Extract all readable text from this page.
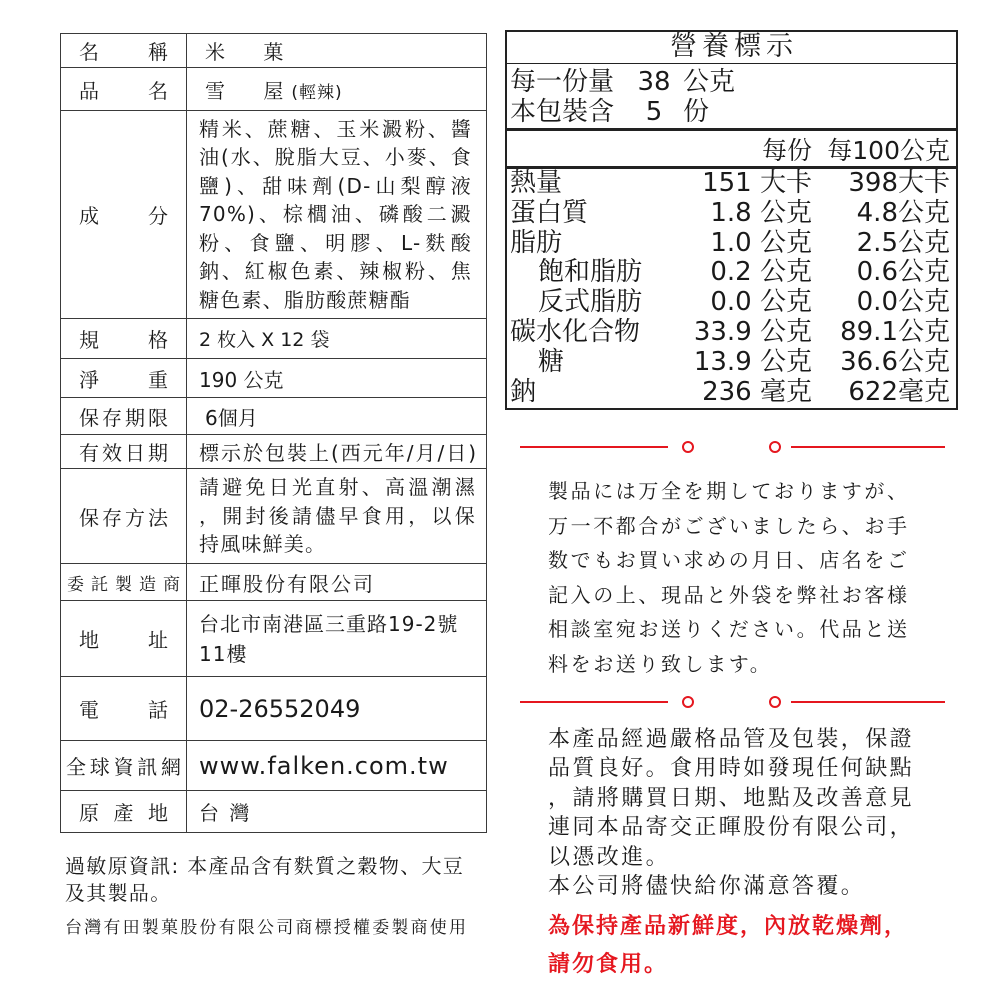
名 稱	米 菓
品 名	雪 屋(輕辣)
成 分
精米、蔗糖、玉米澱粉、醬
油(水、脫脂大豆、小麥、食
鹽)、甜味劑(D-山梨醇液
70%)、棕櫚油、磷酸二澱
粉、食鹽、明膠、L-麩酸
鈉、紅椒色素、辣椒粉、焦
糖色素、脂肪酸蔗糖酯
規 格 2 枚入 X 12 袋
淨 重 190 公克
保存期限	6個月
有效日期 標示於包裝上(西元年/月/日)
保存方法
請避免日光直射、高溫潮濕
，開封後請儘早食用，以保
持風味鮮美。
委託製造商 正暉股份有限公司
地 址
台北市南港區三重路19-2號
11樓
電 話 02-26552049
全球資訊網 www.falken.com.tw
原 產 地 台 灣
過敏原資訊: 本產品含有麩質之穀物、大豆
及其製品。
台灣有田製菓股份有限公司商標授權委製商使用
營養標示
每一份量 38 公克
本包裝含	5 份
每份 每100公克
熱量	151 大卡	398大卡
蛋白質	1.8 公克	4.8公克
脂肪	1.0 公克	2.5公克
飽和脂肪	0.2 公克	0.6公克
反式脂肪	0.0 公克	0.0公克
碳水化合物	33.9 公克	89.1公克
糖	13.9 公克	36.6公克
鈉	236 毫克	622毫克
製品には万全を期しておりますが、
万一不都合がございましたら、お手
数でもお買い求めの月日、店名をご
記入の上、現品と外袋を弊社お客様
相談室宛お送りください。代品と送
料をお送り致します。
本產品經過嚴格品管及包裝，保證
品質良好。食用時如發現任何缺點
，請將購買日期、地點及改善意見
連同本品寄交正暉股份有限公司，
以憑改進。
本公司將儘快給你滿意答覆。
為保持產品新鮮度，內放乾燥劑，
請勿食用。
